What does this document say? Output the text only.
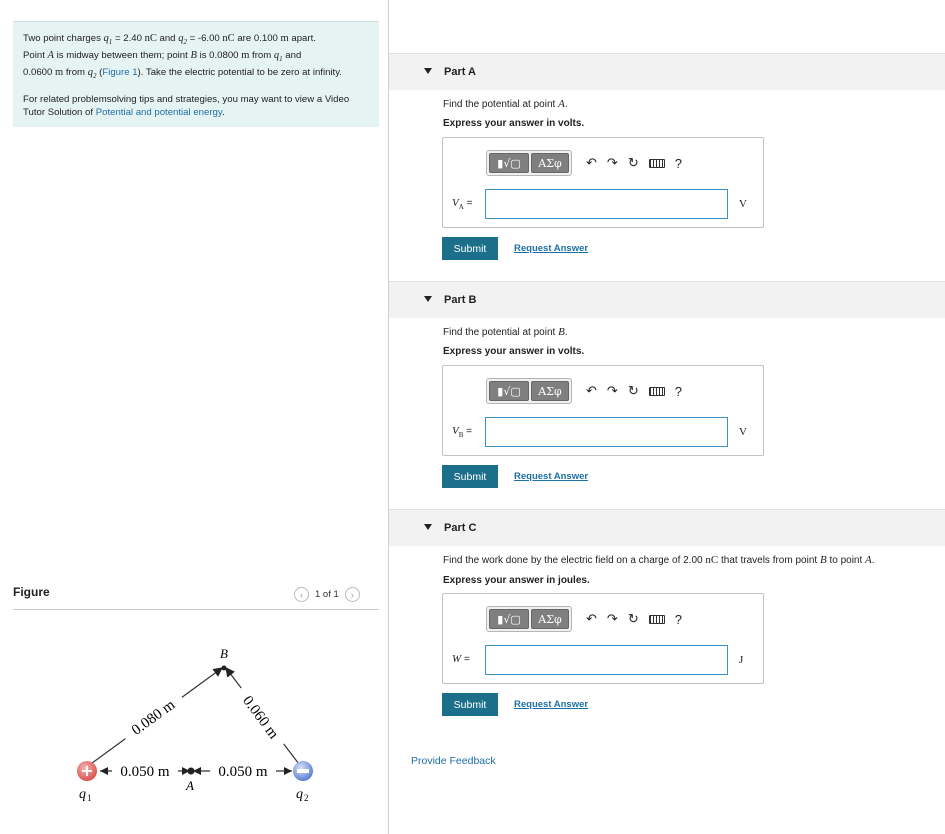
Two point charges $q_1 = 2.40$ nC and $q_2 = -6.00$ nC are 0.100 m apart.
Point A is midway between them; point B is 0.0800 m from $q_1$ and
0.0600 m from $q_2$ (Figure 1). Take the electric potential to be zero at infinity.

For related problemsolving tips and strategies, you may want to view a Video Tutor Solution of Potential and potential energy.

Figure	‹ 1 of 1 ›
0.080 m	0.060 m
0.050 m	0.050 m
+
B
A
q 1	q 2
Part A
Find the potential at point A.
Express your answer in volts.
▮√▢	ΑΣφ	↶ ↷ ↻	?
$V_A$ =	V
Submit	Request Answer
Part B
Find the potential at point B.
Express your answer in volts.
▮√▢	ΑΣφ	↶ ↷ ↻	?
$V_B$ =	V
Submit	Request Answer
Part C
Find the work done by the electric field on a charge of 2.00 nC that travels from point B to point A.
Express your answer in joules.
▮√▢	ΑΣφ	↶ ↷ ↻	?
W =	J
Submit	Request Answer
Provide Feedback
